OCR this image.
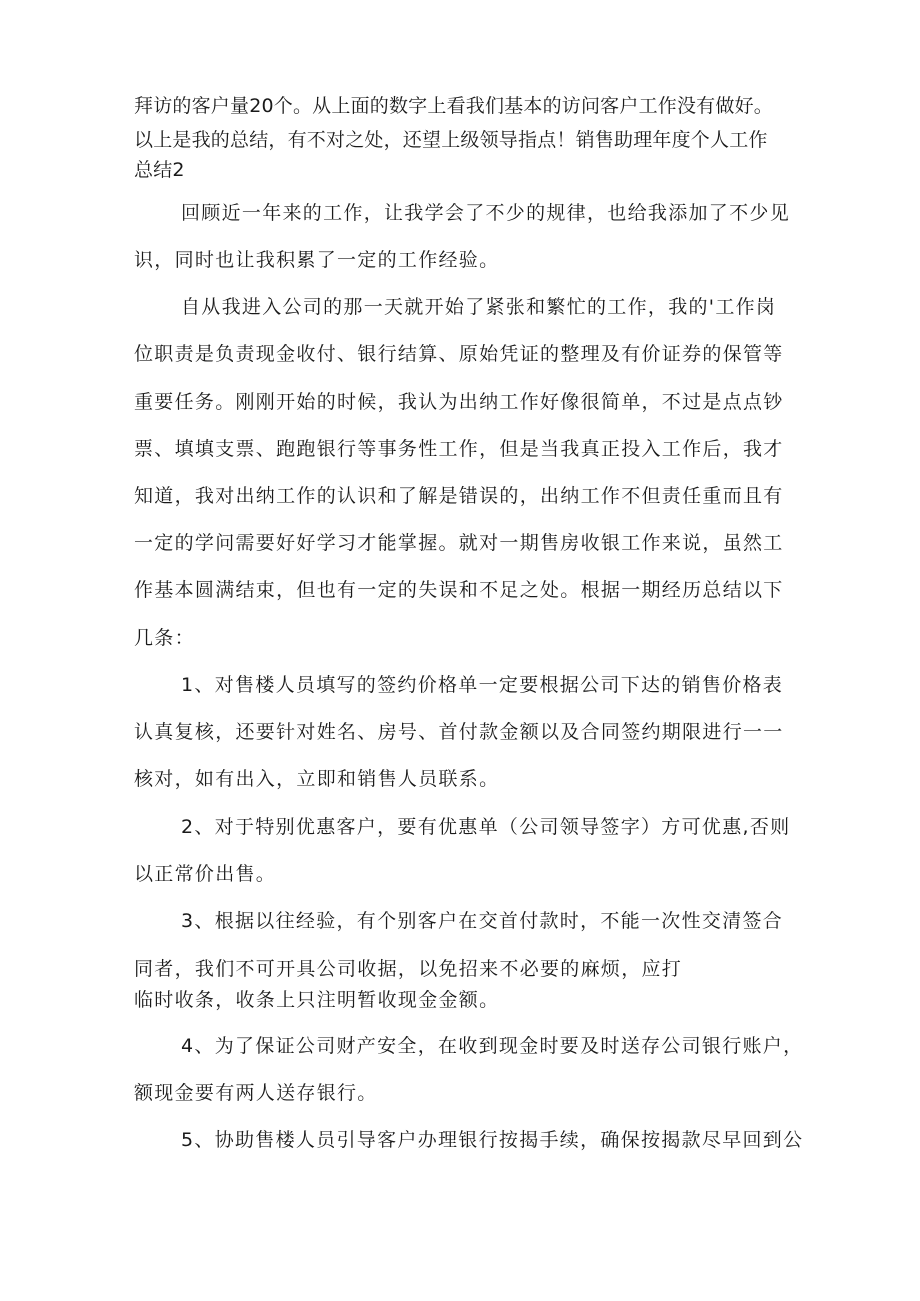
拜访的客户量20个。从上面的数字上看我们基本的访问客户工作没有做好。
以上是我的总结，有不对之处，还望上级领导指点！销售助理年度个人工作
总结2
回顾近一年来的工作，让我学会了不少的规律，也给我添加了不少见
识，同时也让我积累了一定的工作经验。
自从我进入公司的那一天就开始了紧张和繁忙的工作，我的'工作岗
位职责是负责现金收付、银行结算、原始凭证的整理及有价证券的保管等
重要任务。刚刚开始的时候，我认为出纳工作好像很简单，不过是点点钞
票、填填支票、跑跑银行等事务性工作，但是当我真正投入工作后，我才
知道，我对出纳工作的认识和了解是错误的，出纳工作不但责任重而且有
一定的学问需要好好学习才能掌握。就对一期售房收银工作来说，虽然工
作基本圆满结束，但也有一定的失误和不足之处。根据一期经历总结以下
几条：
1、对售楼人员填写的签约价格单一定要根据公司下达的销售价格表
认真复核，还要针对姓名、房号、首付款金额以及合同签约期限进行一一
核对，如有出入，立即和销售人员联系。
2、对于特别优惠客户，要有优惠单（公司领导签字）方可优惠,否则
以正常价出售。
3、根据以往经验，有个别客户在交首付款时，不能一次性交清签合
同者，我们不可开具公司收据，以免招来不必要的麻烦，应打
临时收条，收条上只注明暂收现金金额。
4、为了保证公司财产安全，在收到现金时要及时送存公司银行账户，
额现金要有两人送存银行。
5、协助售楼人员引导客户办理银行按揭手续，确保按揭款尽早回到公
